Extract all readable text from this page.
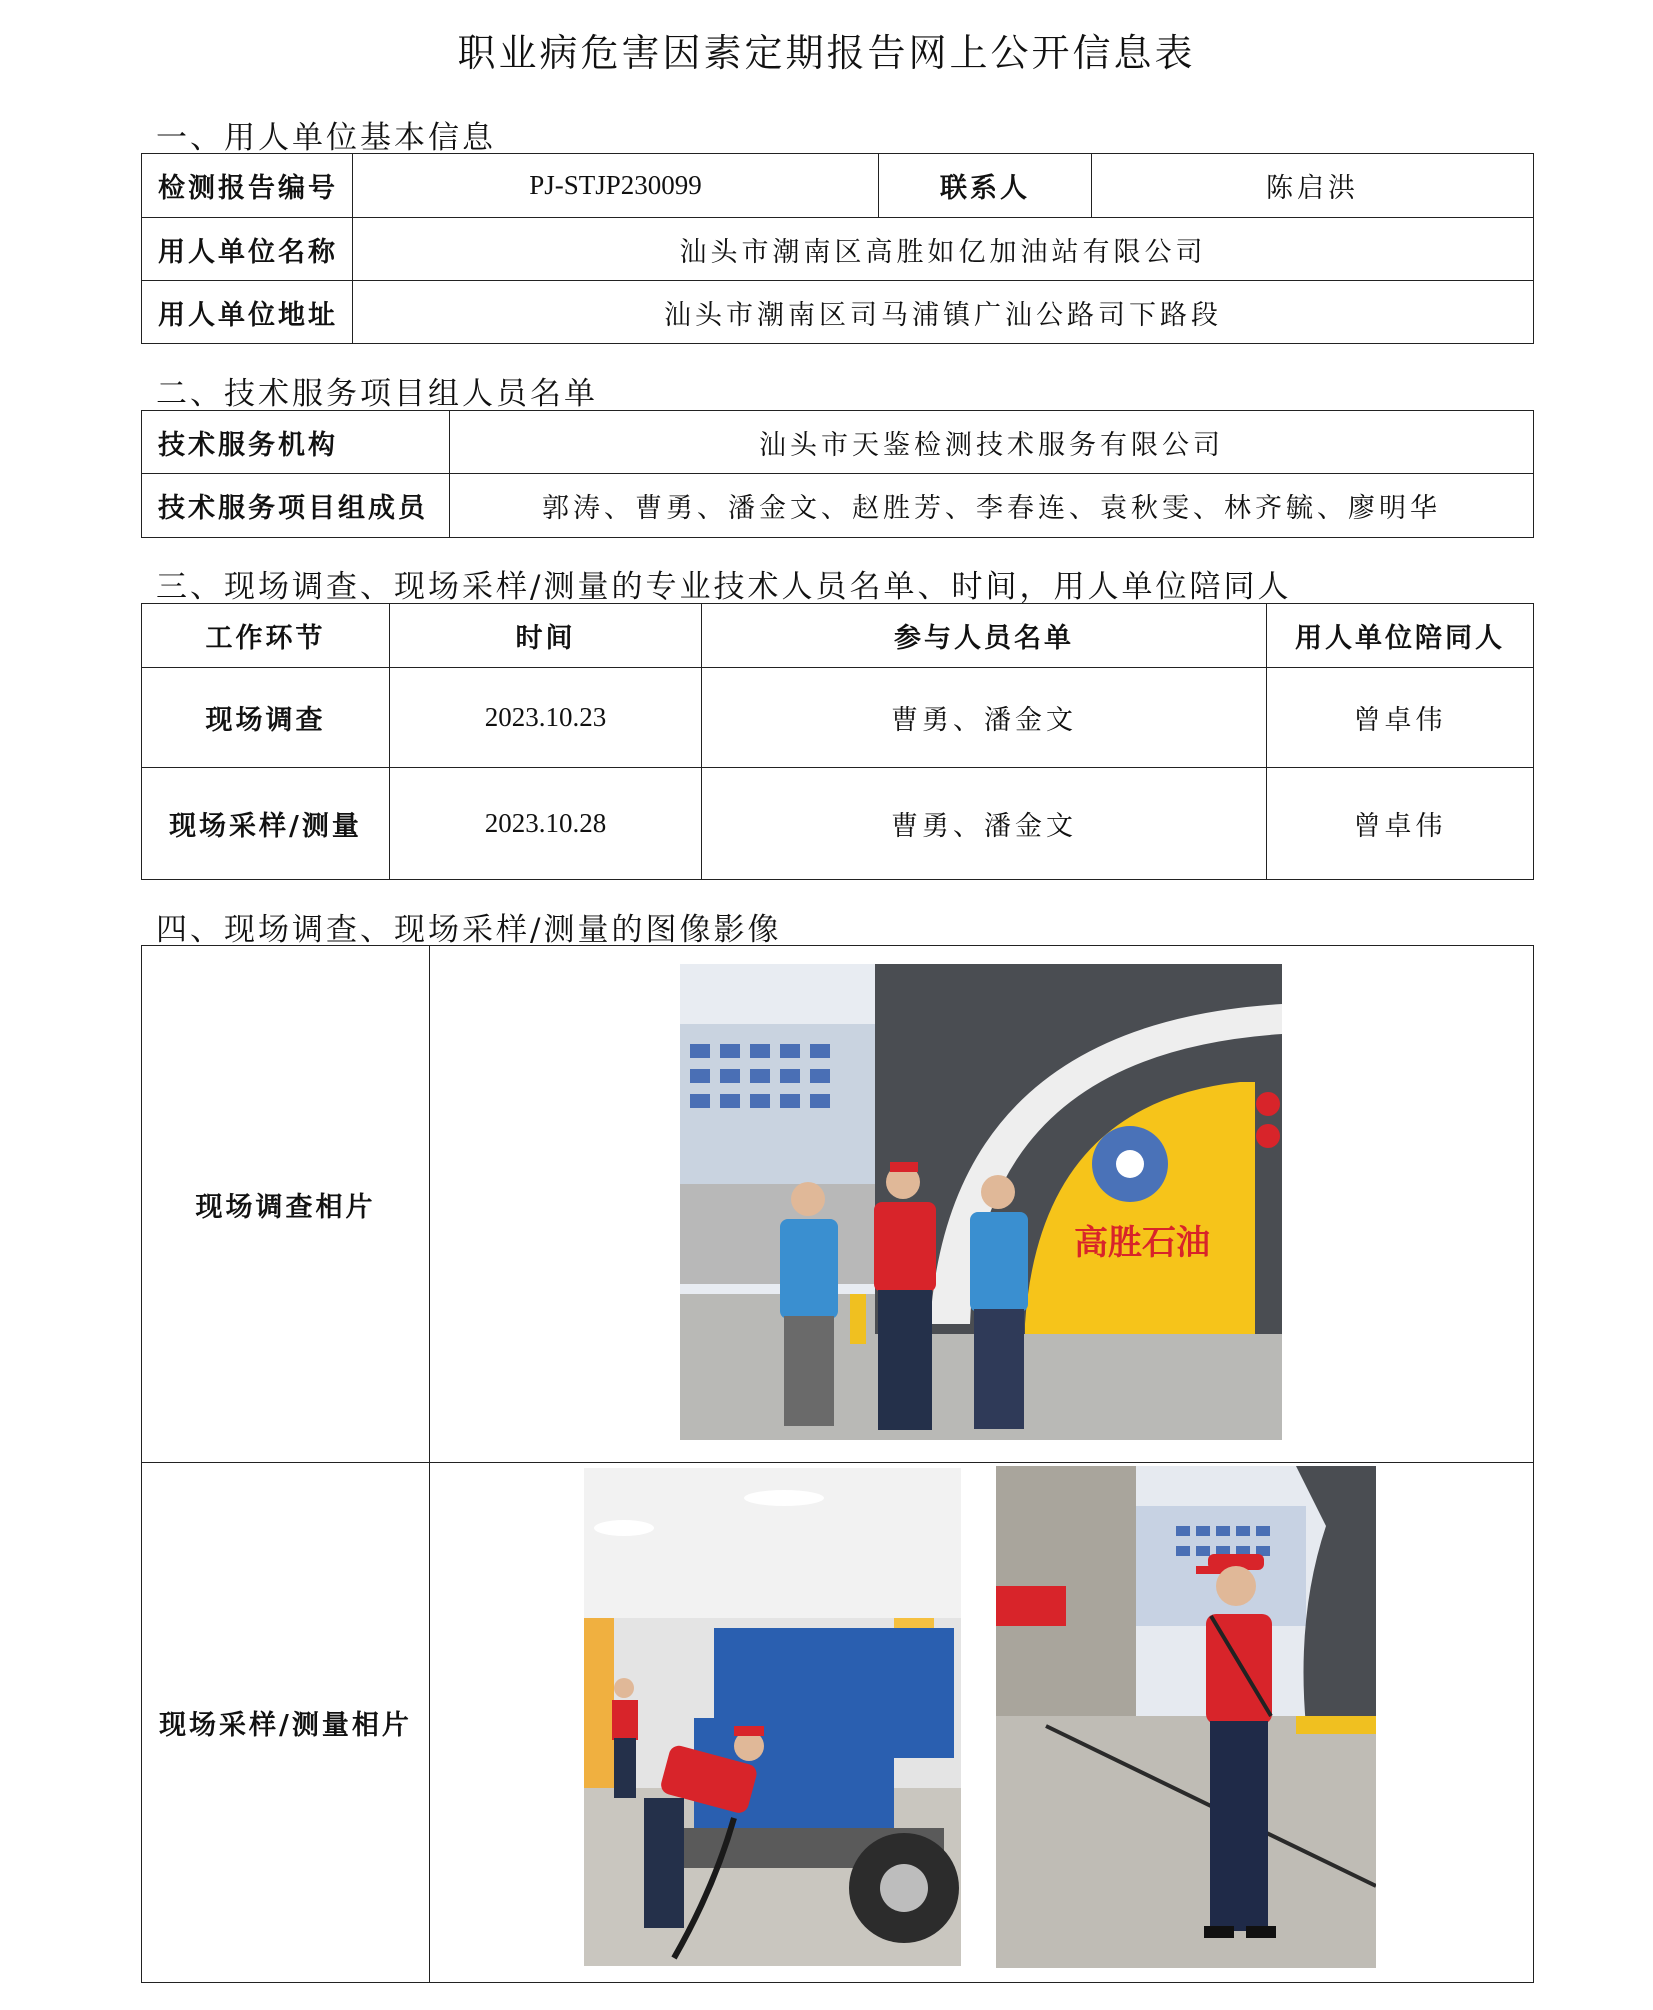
职业病危害因素定期报告网上公开信息表
一、用人单位基本信息
检测报告编号	PJ-STJP230099	联系人	陈启洪
用人单位名称	汕头市潮南区高胜如亿加油站有限公司		
用人单位地址	汕头市潮南区司马浦镇广汕公路司下路段		
二、技术服务项目组人员名单
技术服务机构	汕头市天鉴检测技术服务有限公司
技术服务项目组成员	郭涛、曹勇、潘金文、赵胜芳、李春连、袁秋雯、林齐毓、廖明华
三、现场调查、现场采样/测量的专业技术人员名单、时间，用人单位陪同人
工作环节	时间	参与人员名单	用人单位陪同人
现场调查	2023.10.23	曹勇、潘金文	曾卓伟
现场采样/测量	2023.10.28	曹勇、潘金文	曾卓伟
四、现场调查、现场采样/测量的图像影像
现场调查相片	
现场采样/测量相片	
高胜石油
